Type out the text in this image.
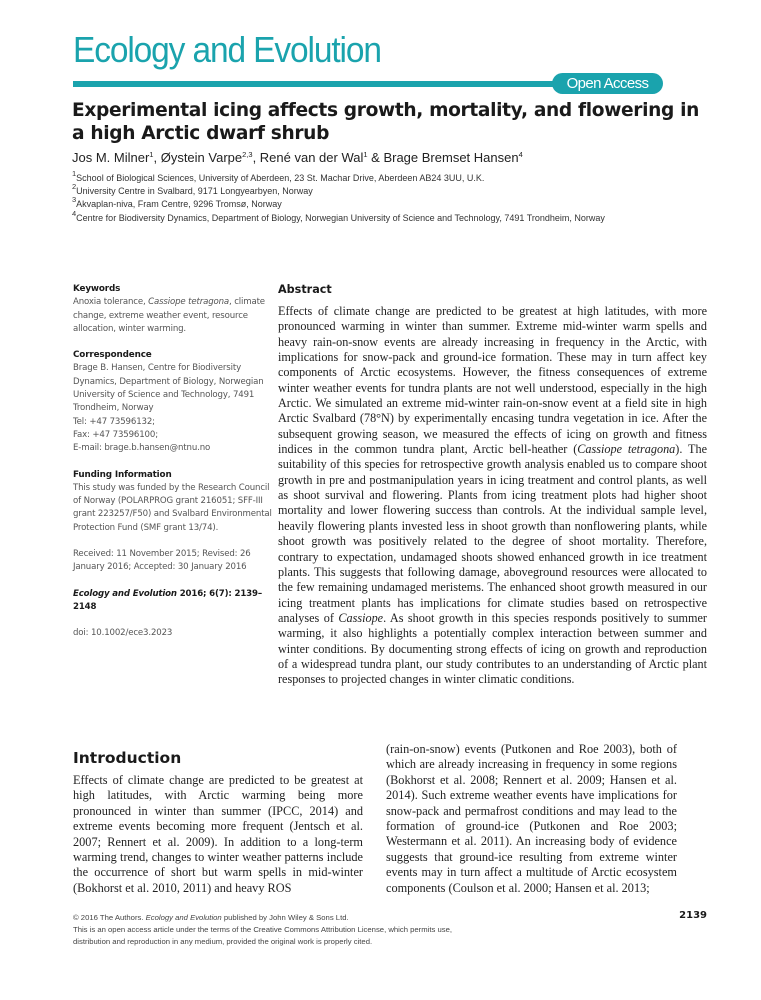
Ecology and Evolution
Open Access
Experimental icing affects growth, mortality, and flowering in a high Arctic dwarf shrub
Jos M. Milner$^1$, Øystein Varpe$^{2,3}$, René van der Wal$^1$ & Brage Bremset Hansen$^4$
$^1$School of Biological Sciences, University of Aberdeen, 23 St. Machar Drive, Aberdeen AB24 3UU, U.K.
$^2$University Centre in Svalbard, 9171 Longyearbyen, Norway
$^3$Akvaplan-niva, Fram Centre, 9296 Tromsø, Norway
$^4$Centre for Biodiversity Dynamics, Department of Biology, Norwegian University of Science and Technology, 7491 Trondheim, Norway
Keywords
Anoxia tolerance, Cassiope tetragona, climate change, extreme weather event, resource allocation, winter warming.
Correspondence
Brage B. Hansen, Centre for Biodiversity Dynamics, Department of Biology, Norwegian University of Science and Technology, 7491 Trondheim, Norway
Tel: +47 73596132;
Fax: +47 73596100;
E-mail: brage.b.hansen@ntnu.no
Funding Information
This study was funded by the Research Council of Norway (POLARPROG grant 216051; SFF-III grant 223257/F50) and Svalbard Environmental Protection Fund (SMF grant 13/74).
Received: 11 November 2015; Revised: 26 January 2016; Accepted: 30 January 2016
Ecology and Evolution 2016; 6(7): 2139–2148
doi: 10.1002/ece3.2023
Abstract

Effects of climate change are predicted to be greatest at high latitudes, with more pronounced warming in winter than summer. Extreme mid-winter warm spells and heavy rain-on-snow events are already increasing in frequency in the Arctic, with implications for snow-pack and ground-ice formation. These may in turn affect key components of Arctic ecosystems. However, the fitness consequences of extreme winter weather events for tundra plants are not well understood, especially in the high Arctic. We simulated an extreme mid-winter rain-on-snow event at a field site in high Arctic Svalbard (78°N) by experimentally encasing tundra vegetation in ice. After the subsequent growing season, we measured the effects of icing on growth and fitness indices in the common tundra plant, Arctic bell-heather (Cassiope tetragona). The suitability of this species for retrospective growth analysis enabled us to compare shoot growth in pre and postmanipulation years in icing treatment and control plants, as well as shoot survival and flowering. Plants from icing treatment plots had higher shoot mortality and lower flowering success than controls. At the individual sample level, heavily flowering plants invested less in shoot growth than nonflowering plants, while shoot growth was positively related to the degree of shoot mortality. Therefore, contrary to expectation, undamaged shoots showed enhanced growth in ice treatment plants. This suggests that following damage, aboveground resources were allocated to the few remaining undamaged meristems. The enhanced shoot growth measured in our icing treatment plants has implications for climate studies based on retrospective analyses of Cassiope. As shoot growth in this species responds positively to summer warming, it also highlights a potentially complex interaction between summer and winter conditions. By documenting strong effects of icing on growth and reproduction of a widespread tundra plant, our study contributes to an understanding of Arctic plant responses to projected changes in winter climatic conditions.

Introduction

Effects of climate change are predicted to be greatest at high latitudes, with Arctic warming being more pronounced in winter than summer (IPCC, 2014) and extreme events becoming more frequent (Jentsch et al. 2007; Rennert et al. 2009). In addition to a long-term warming trend, changes to winter weather patterns include the occurrence of short but warm spells in mid-winter (Bokhorst et al. 2010, 2011) and heavy ROS

(rain-on-snow) events (Putkonen and Roe 2003), both of which are already increasing in frequency in some regions (Bokhorst et al. 2008; Rennert et al. 2009; Hansen et al. 2014). Such extreme weather events have implications for snow-pack and permafrost conditions and may lead to the formation of ground-ice (Putkonen and Roe 2003; Westermann et al. 2011). An increasing body of evidence suggests that ground-ice resulting from extreme winter events may in turn affect a multitude of Arctic ecosystem components (Coulson et al. 2000; Hansen et al. 2013;

© 2016 The Authors. Ecology and Evolution published by John Wiley & Sons Ltd.
This is an open access article under the terms of the Creative Commons Attribution License, which permits use,
distribution and reproduction in any medium, provided the original work is properly cited.
2139
